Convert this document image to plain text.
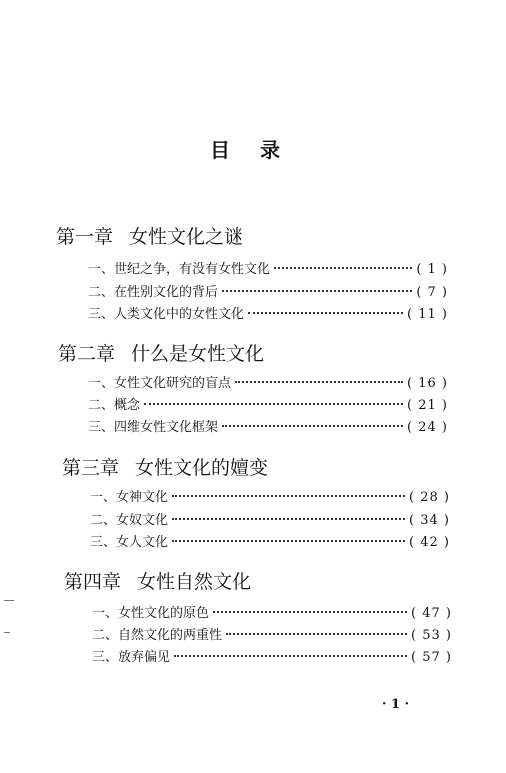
目 录
第一章 女性文化之谜
一、世纪之争，有没有女性文化	( 1 )
二、在性别文化的背后	( 7 )
三、人类文化中的女性文化	( 11 )
第二章 什么是女性文化
一、女性文化研究的盲点	( 16 )
二、概念	( 21 )
三、四维女性文化框架	( 24 )
第三章 女性文化的嬗变
一、女神文化	( 28 )
二、女奴文化	( 34 )
三、女人文化	( 42 )
第四章 女性自然文化
一、女性文化的原色	( 47 )
二、自然文化的两重性	( 53 )
三、放弃偏见	( 57 )
· 1 ·
